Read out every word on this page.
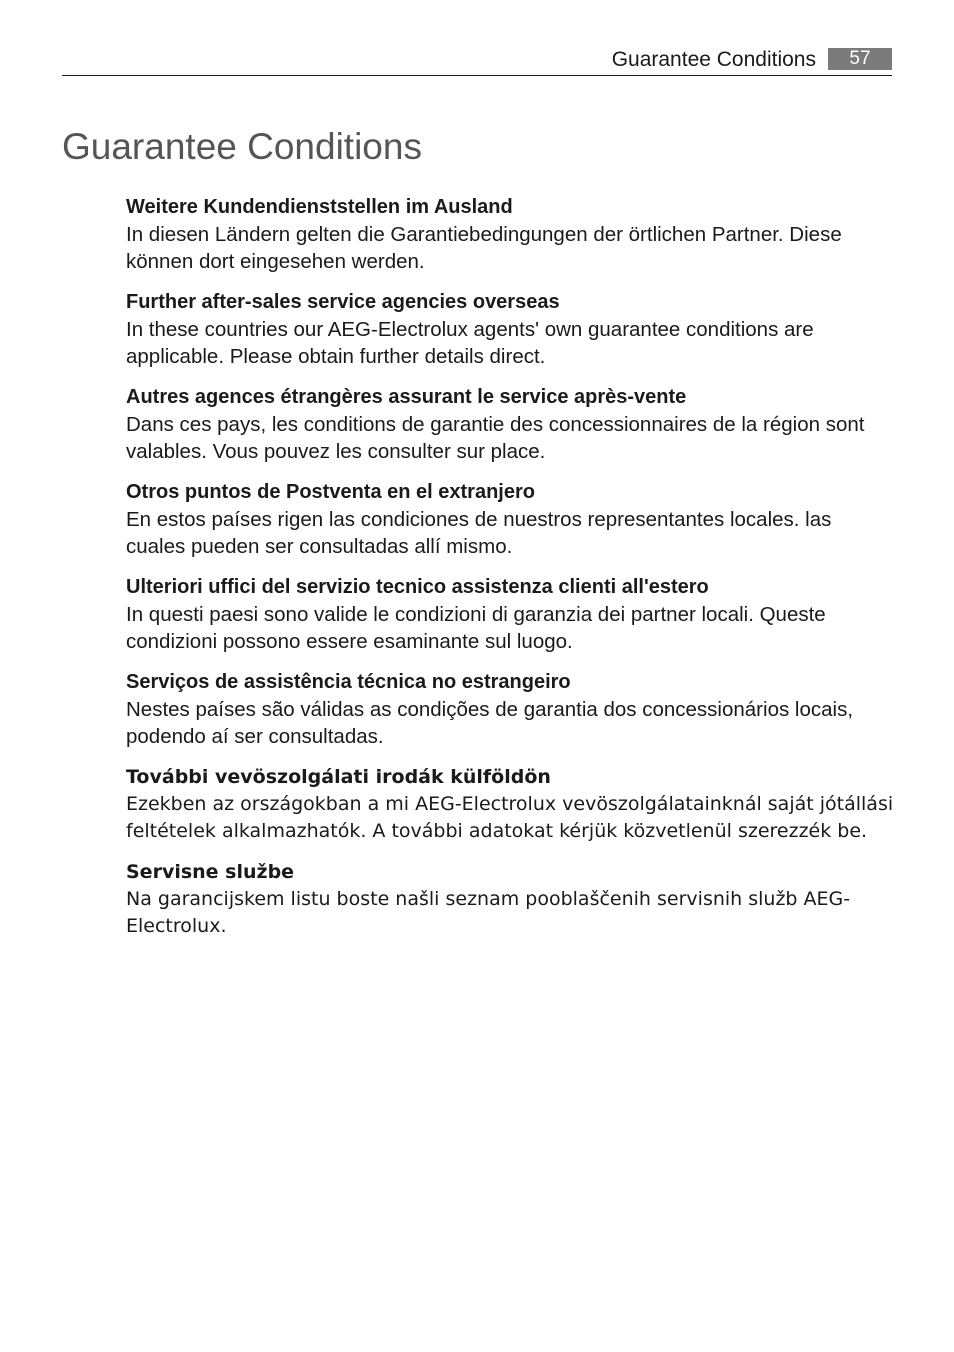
Guarantee Conditions	57
Guarantee Conditions

Weitere Kundendienststellen im Ausland

In diesen Ländern gelten die Garantiebedingungen der örtlichen Partner. Diese können dort eingesehen werden.

Further after-sales service agencies overseas

In these countries our AEG-Electrolux agents' own guarantee conditions are applicable. Please obtain further details direct.

Autres agences étrangères assurant le service après-vente

Dans ces pays, les conditions de garantie des concessionnaires de la région sont valables. Vous pouvez les consulter sur place.

Otros puntos de Postventa en el extranjero

En estos países rigen las condiciones de nuestros representantes locales. las cuales pueden ser consultadas allí mismo.

Ulteriori uffici del servizio tecnico assistenza clienti all'estero

In questi paesi sono valide le condizioni di garanzia dei partner locali. Queste condizioni possono essere esaminante sul luogo.

Serviços de assistência técnica no estrangeiro

Nestes países são válidas as condições de garantia dos concessionários locais, podendo aí ser consultadas.

További vevöszolgálati irodák külföldön

Ezekben az országokban a mi AEG-Electrolux vevöszolgálatainknál saját jótállási feltételek alkalmazhatók. A további adatokat kérjük közvetlenül szerezzék be.

Servisne službe

Na garancijskem listu boste našli seznam pooblaščenih servisnih služb AEG-Electrolux.
